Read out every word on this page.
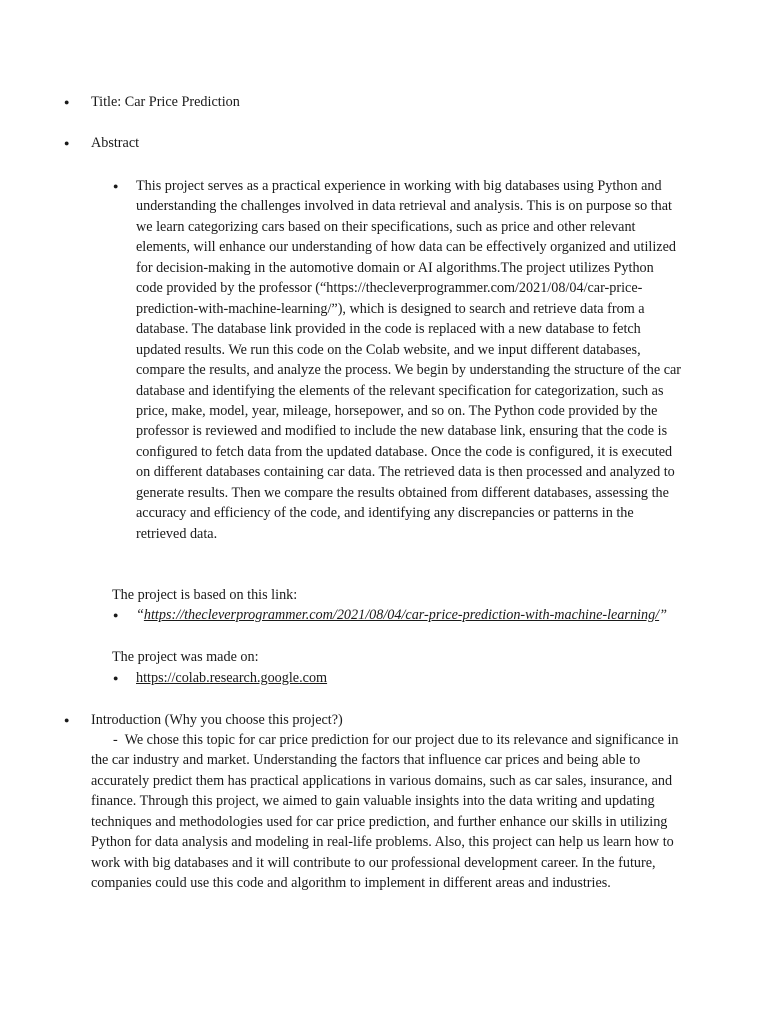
● Title: Car Price Prediction
● Abstract
● This project serves as a practical experience in working with big databases using Python and understanding the challenges involved in data retrieval and analysis. This is on purpose so that we learn categorizing cars based on their specifications, such as price and other relevant elements, will enhance our understanding of how data can be effectively organized and utilized for decision-making in the automotive domain or AI algorithms.The project utilizes Python code provided by the professor (“https://thecleverprogrammer.com/2021/08/04/car-price-prediction-with-machine-learning/”), which is designed to search and retrieve data from a database. The database link provided in the code is replaced with a new database to fetch updated results. We run this code on the Colab website, and we input different databases, compare the results, and analyze the process. We begin by understanding the structure of the car database and identifying the elements of the relevant specification for categorization, such as price, make, model, year, mileage, horsepower, and so on. The Python code provided by the professor is reviewed and modified to include the new database link, ensuring that the code is configured to fetch data from the updated database. Once the code is configured, it is executed on different databases containing car data. The retrieved data is then processed and analyzed to generate results. Then we compare the results obtained from different databases, assessing the accuracy and efficiency of the code, and identifying any discrepancies or patterns in the retrieved data.
The project is based on this link:
● “https://thecleverprogrammer.com/2021/08/04/car-price-prediction-with-machine-learning/”
The project was made on:
● https://colab.research.google.com
● Introduction (Why you choose this project?)
- We chose this topic for car price prediction for our project due to its relevance and significance in the car industry and market. Understanding the factors that influence car prices and being able to accurately predict them has practical applications in various domains, such as car sales, insurance, and finance. Through this project, we aimed to gain valuable insights into the data writing and updating techniques and methodologies used for car price prediction, and further enhance our skills in utilizing Python for data analysis and modeling in real-life problems. Also, this project can help us learn how to work with big databases and it will contribute to our professional development career. In the future, companies could use this code and algorithm to implement in different areas and industries.
